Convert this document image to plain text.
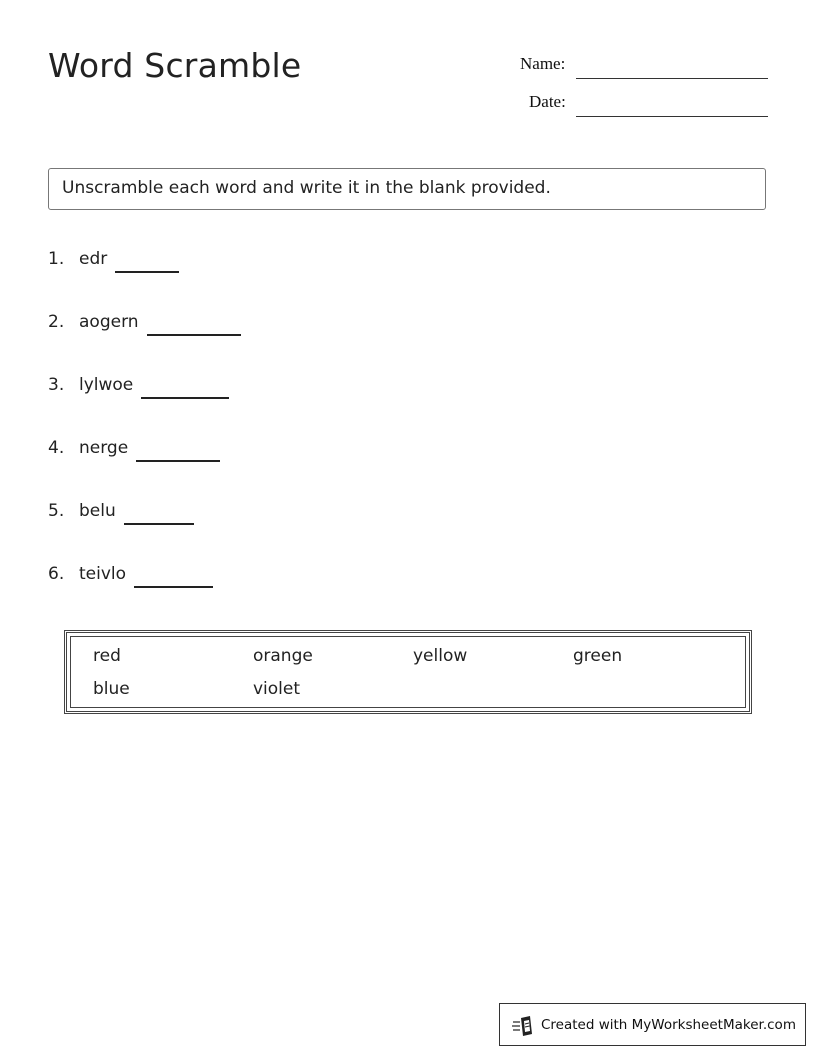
Word Scramble	Name:
Date:
Unscramble each word and write it in the blank provided.
1. edr
2. aogern
3. lylwoe
4. nerge
5. belu
6. teivlo
red	orange	yellow	green
blue	violet
Created with MyWorksheetMaker.com
